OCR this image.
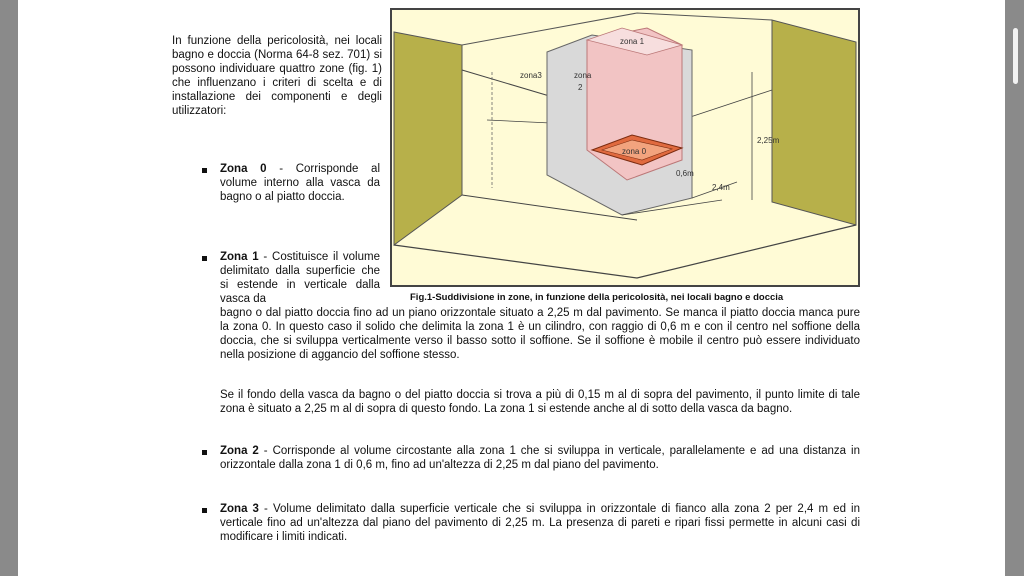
In funzione della pericolosità, nei locali bagno e doccia (Norma 64-8 sez. 701) si possono individuare quattro zone (fig. 1) che influenzano i criteri di scelta e di installazione dei componenti e degli utilizzatori:
zona 1
zona3	zona
2
zona 0
2,25m
0,6m
2,4m
Fig.1-Suddivisione in zone, in funzione della pericolosità, nei locali bagno e doccia
Zona 0 - Corrisponde al volume interno alla vasca da bagno o al piatto doccia.
Zona 1 - Costituisce il volume delimitato dalla superficie che si estende in verticale dalla vasca da
bagno o dal piatto doccia fino ad un piano orizzontale situato a 2,25 m dal pavimento. Se manca il piatto doccia manca pure la zona 0. In questo caso il solido che delimita la zona 1 è un cilindro, con raggio di 0,6 m e con il centro nel soffione della doccia, che si sviluppa verticalmente verso il basso sotto il soffione. Se il soffione è mobile il centro può essere individuato nella posizione di aggancio del soffione stesso.
Se il fondo della vasca da bagno o del piatto doccia si trova a più di 0,15 m al di sopra del pavimento, il punto limite di tale zona è situato a 2,25 m al di sopra di questo fondo. La zona 1 si estende anche al di sotto della vasca da bagno.
Zona 2 - Corrisponde al volume circostante alla zona 1 che si sviluppa in verticale, parallelamente e ad una distanza in orizzontale dalla zona 1 di 0,6 m, fino ad un'altezza di 2,25 m dal piano del pavimento.
Zona 3 - Volume delimitato dalla superficie verticale che si sviluppa in orizzontale di fianco alla zona 2 per 2,4 m ed in verticale fino ad un'altezza dal piano del pavimento di 2,25 m. La presenza di pareti e ripari fissi permette in alcuni casi di modificare i limiti indicati.
